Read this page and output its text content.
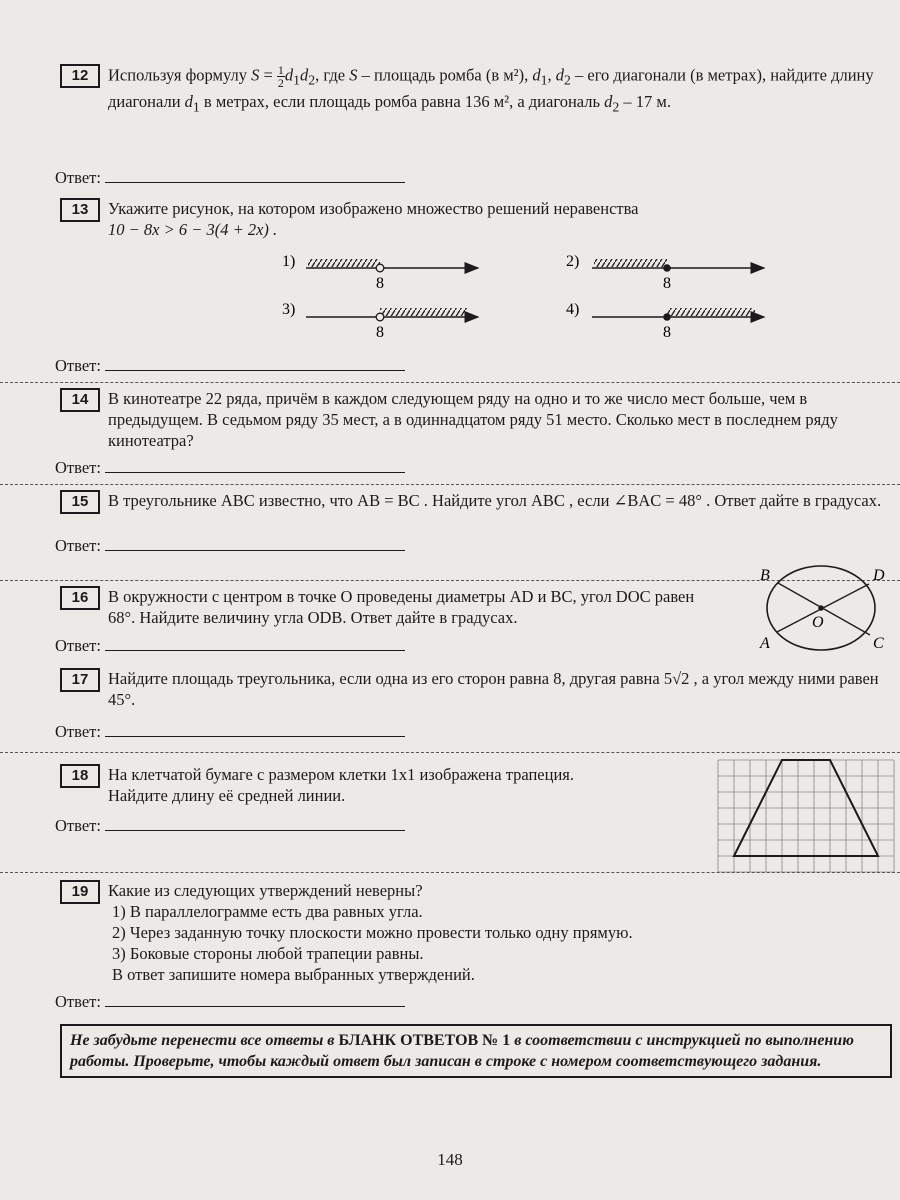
12	Используя формулу $S = \frac{1}{2} d_1d_2$, где S – площадь ромба (в м²), $d_1$, $d_2$ – его диагонали (в метрах), найдите длину диагонали $d_1$ в метрах, если площадь ромба равна 136 м², а диагональ $d_2 - 17$ м.
Ответ:
13	Укажите рисунок, на котором изображено множество решений неравенства
10 − 8x > 6 − 3(4 + 2x) .
1)
8
2)
8
3)
8
4)
8
Ответ:
14	В кинотеатре 22 ряда, причём в каждом следующем ряду на одно и то же число мест больше, чем в предыдущем. В седьмом ряду 35 мест, а в одиннадцатом ряду 51 место. Сколько мест в последнем ряду кинотеатра?
Ответ:
15	В треугольнике ABC известно, что AB = BC . Найдите угол ABC , если ∠BAC = 48° . Ответ дайте в градусах.
Ответ:
16	В окружности с центром в точке O проведены диаметры AD и BC, угол DOC равен 68°. Найдите величину угла ODB. Ответ дайте в градусах.
B	D
O
A	C
Ответ:
17	Найдите площадь треугольника, если одна из его сторон равна 8, другая равна 5√2 , а угол между ними равен 45°.
Ответ:
18	На клетчатой бумаге с размером клетки 1x1 изображена трапеция.
Найдите длину её средней линии.
Ответ:
19	Какие из следующих утверждений неверны?
1) В параллелограмме есть два равных угла.
2) Через заданную точку плоскости можно провести только одну прямую.
3) Боковые стороны любой трапеции равны.
В ответ запишите номера выбранных утверждений.
Ответ:
Не забудьте перенести все ответы в БЛАНК ОТВЕТОВ № 1 в соответствии с инструкцией по выполнению работы. Проверьте, чтобы каждый ответ был записан в строке с номером соответствующего задания.
148
